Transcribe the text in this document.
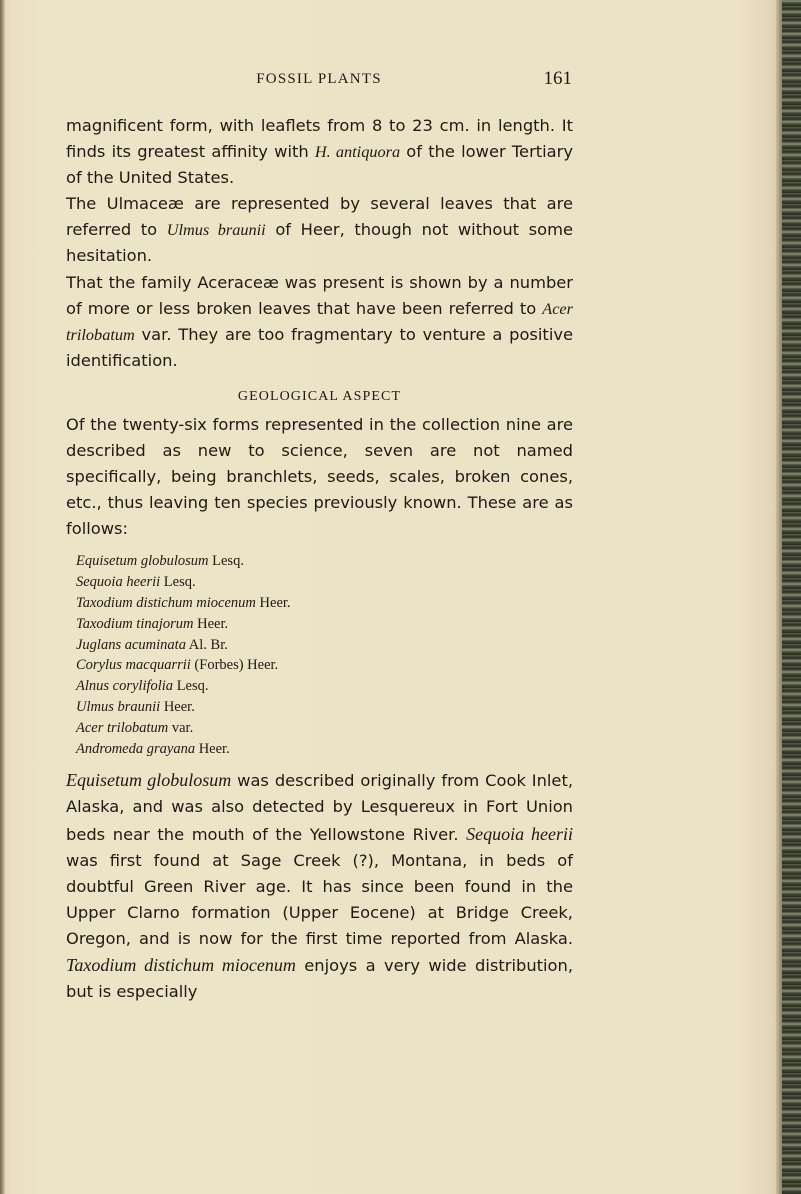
FOSSIL PLANTS	161

magnificent form, with leaflets from 8 to 23 cm. in length. It finds its greatest affinity with H. antiquora of the lower Tertiary of the United States.

The Ulmaceæ are represented by several leaves that are referred to Ulmus braunii of Heer, though not without some hesitation.

That the family Aceraceæ was present is shown by a number of more or less broken leaves that have been referred to Acer trilobatum var. They are too fragmentary to venture a positive identification.

GEOLOGICAL ASPECT

Of the twenty-six forms represented in the collection nine are described as new to science, seven are not named specifically, being branchlets, seeds, scales, broken cones, etc., thus leaving ten species previously known. These are as follows:

Equisetum globulosum Lesq.
Sequoia heerii Lesq.
Taxodium distichum miocenum Heer.
Taxodium tinajorum Heer.
Juglans acuminata Al. Br.
Corylus macquarrii (Forbes) Heer.
Alnus corylifolia Lesq.
Ulmus braunii Heer.
Acer trilobatum var.
Andromeda grayana Heer.

Equisetum globulosum was described originally from Cook Inlet, Alaska, and was also detected by Lesquereux in Fort Union beds near the mouth of the Yellowstone River. Sequoia heerii was first found at Sage Creek (?), Montana, in beds of doubtful Green River age. It has since been found in the Upper Clarno formation (Upper Eocene) at Bridge Creek, Oregon, and is now for the first time reported from Alaska. Taxodium distichum miocenum enjoys a very wide distribution, but is especially
